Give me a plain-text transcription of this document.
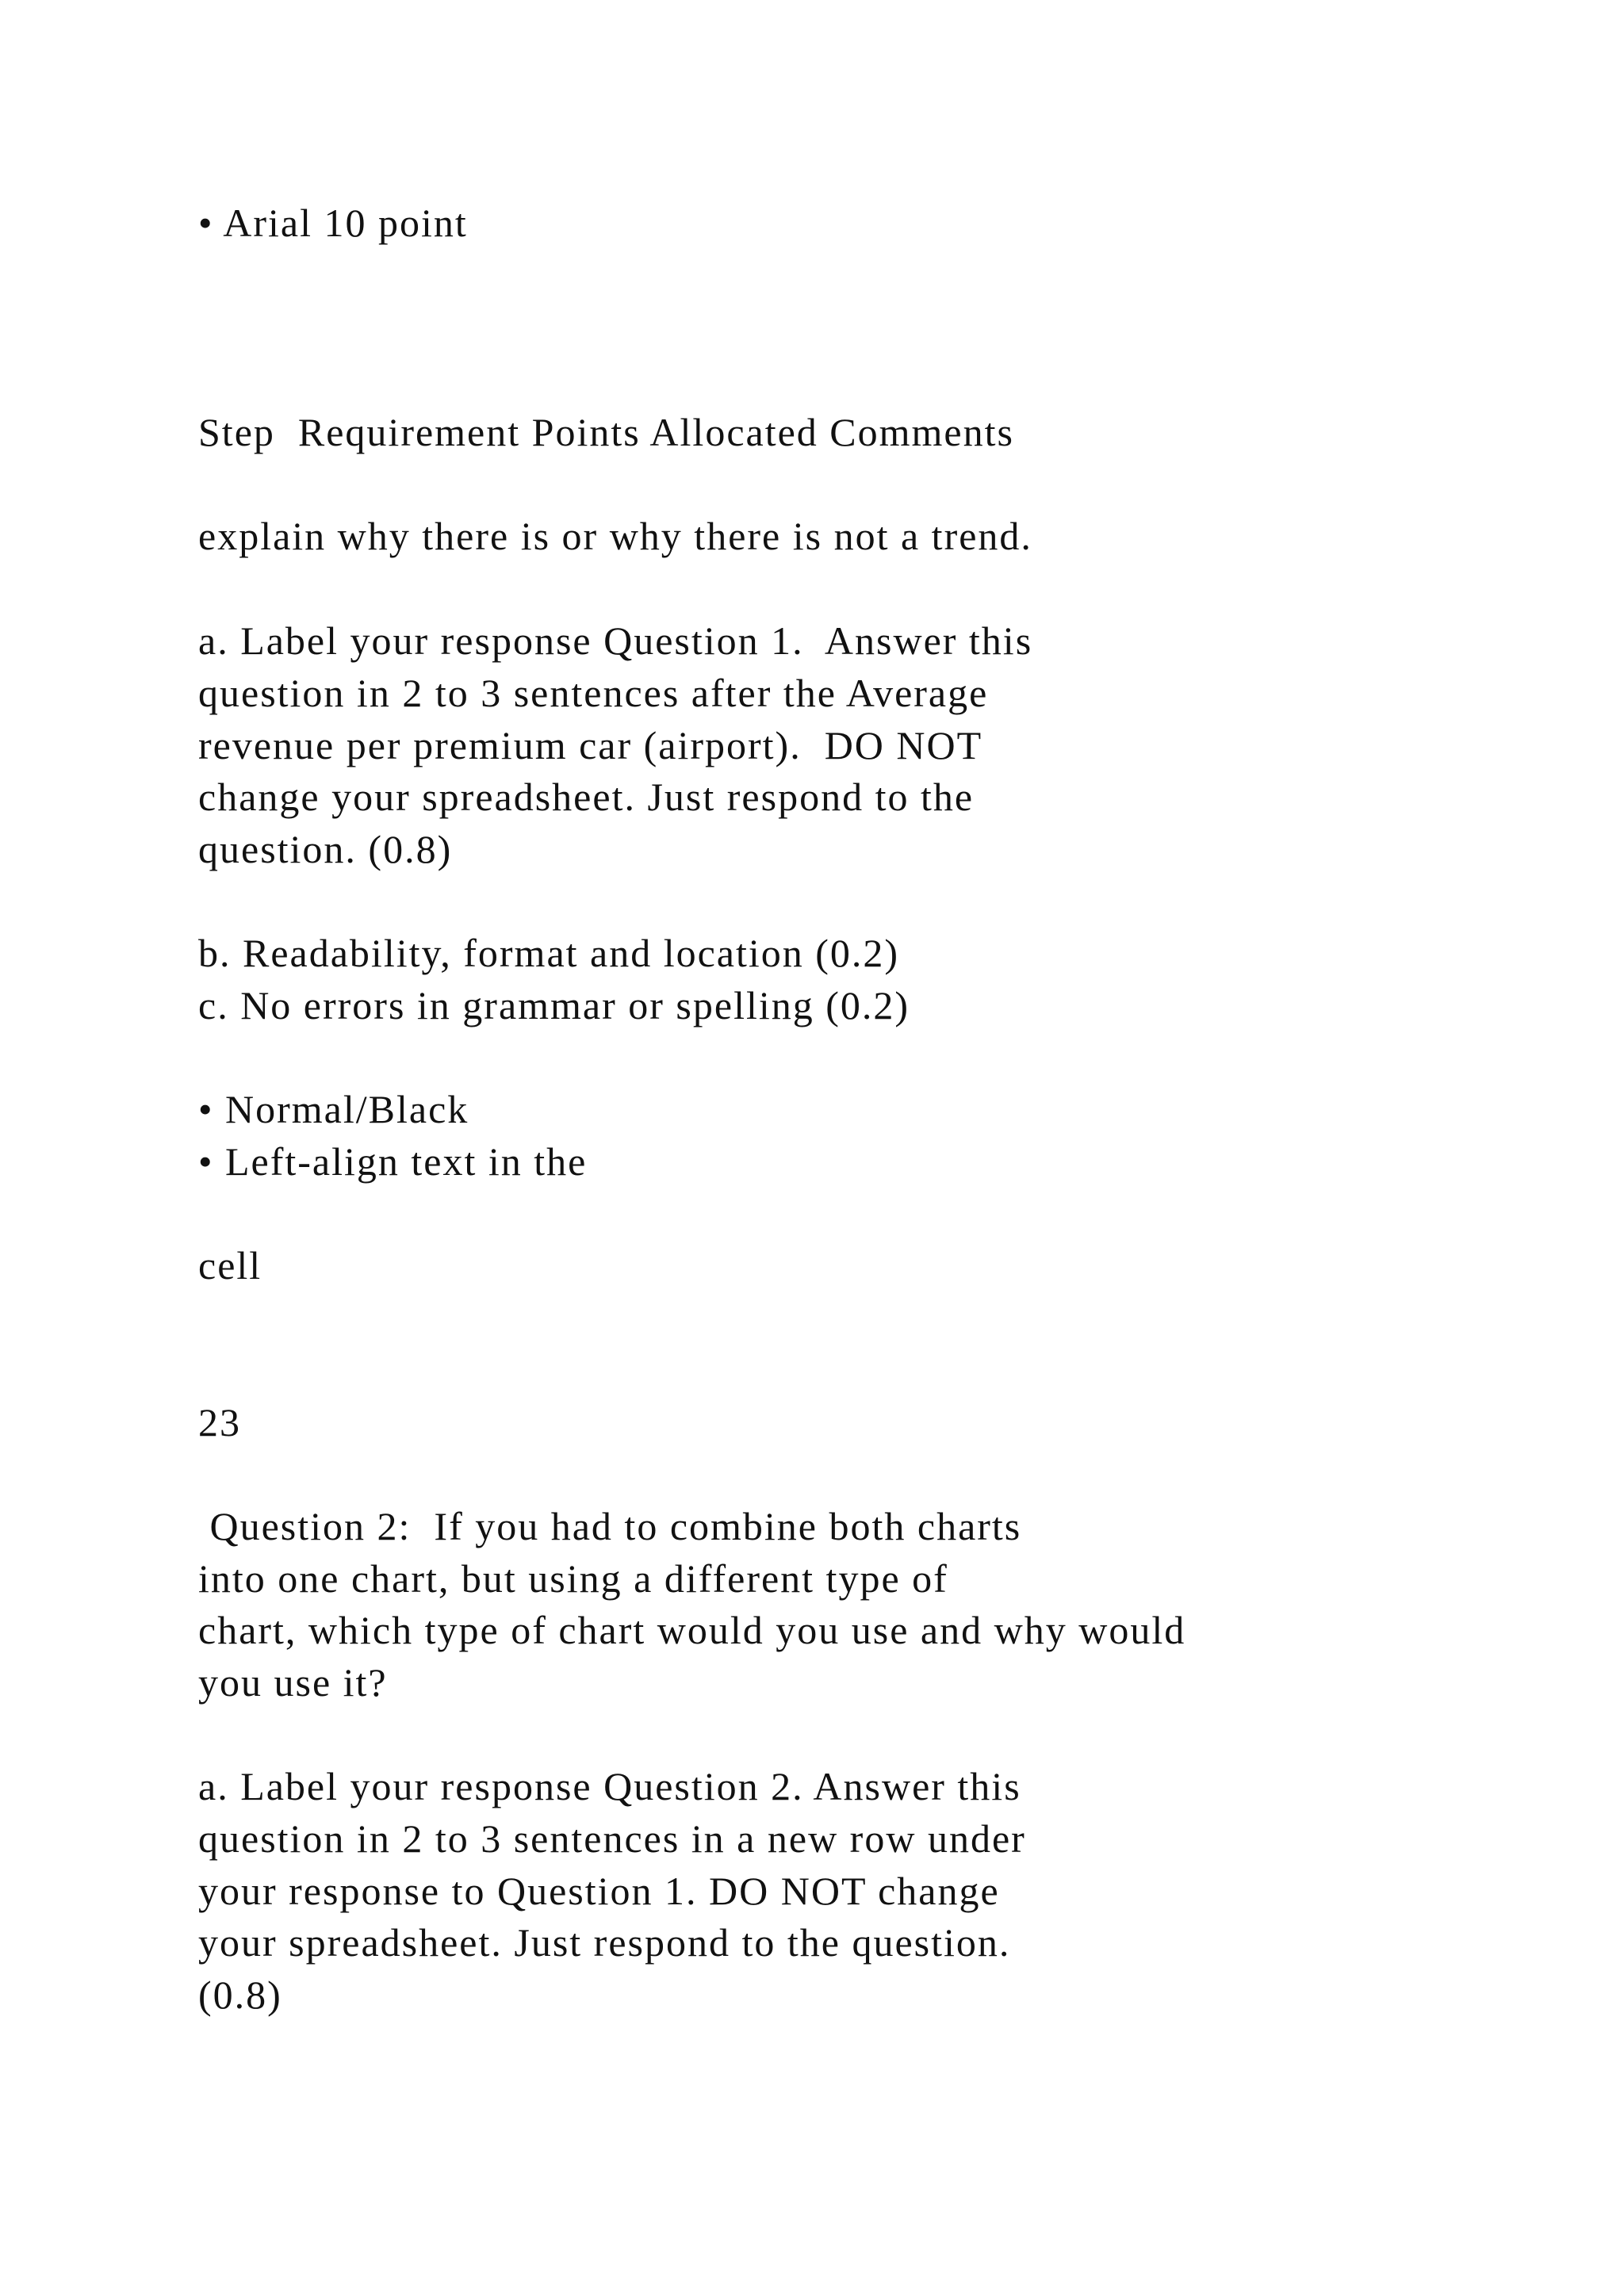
• Arial 10 point

Step  Requirement Points Allocated Comments

explain why there is or why there is not a trend.

a. Label your response Question 1.  Answer this

question in 2 to 3 sentences after the Average

revenue per premium car (airport).  DO NOT

change your spreadsheet. Just respond to the

question. (0.8)

b. Readability, format and location (0.2)

c. No errors in grammar or spelling (0.2)

• Normal/Black

• Left-align text in the

cell

23

Question 2:  If you had to combine both charts

into one chart, but using a different type of

chart, which type of chart would you use and why would

you use it?

a. Label your response Question 2. Answer this

question in 2 to 3 sentences in a new row under

your response to Question 1. DO NOT change

your spreadsheet. Just respond to the question.

(0.8)
